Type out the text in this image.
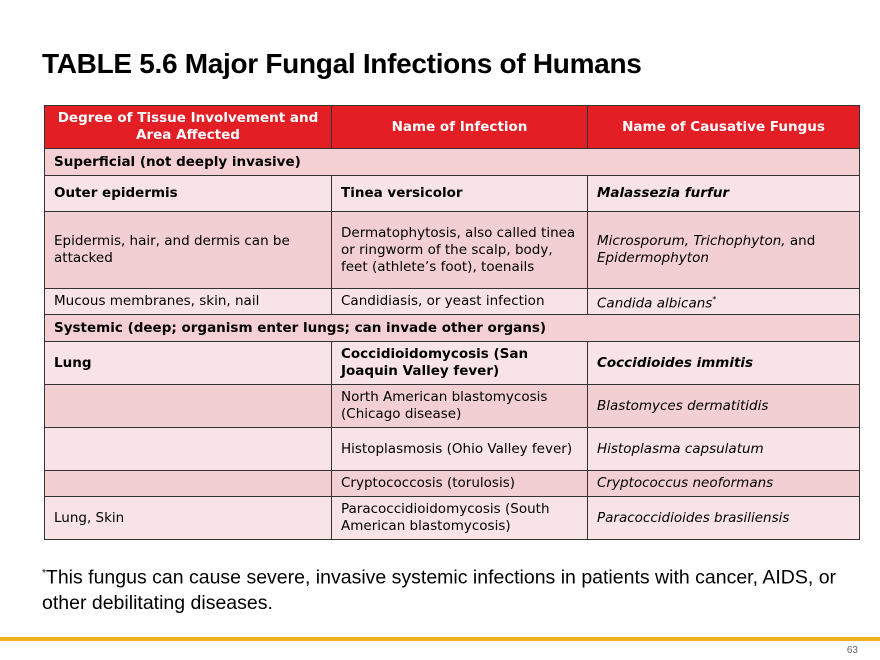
TABLE 5.6 Major Fungal Infections of Humans
Degree of Tissue Involvement and Area Affected	Name of Infection	Name of Causative Fungus
Superficial (not deeply invasive)		
Outer epidermis	Tinea versicolor	Malassezia furfur
Epidermis, hair, and dermis can be attacked	Dermatophytosis, also called tinea or ringworm of the scalp, body, feet (athlete’s foot), toenails	Microsporum, Trichophyton, and Epidermophyton
Mucous membranes, skin, nail	Candidiasis, or yeast infection	Candida albicans*
Systemic (deep; organism enter lungs; can invade other organs)		
Lung	Coccidioidomycosis (San Joaquin Valley fever)	Coccidioides immitis
	North American blastomycosis (Chicago disease)	Blastomyces dermatitidis
	Histoplasmosis (Ohio Valley fever)	Histoplasma capsulatum
	Cryptococcosis (torulosis)	Cryptococcus neoformans
Lung, Skin	Paracoccidioidomycosis (South American blastomycosis)	Paracoccidioides brasiliensis

*This fungus can cause severe, invasive systemic infections in patients with cancer, AIDS, or other debilitating diseases.

63
